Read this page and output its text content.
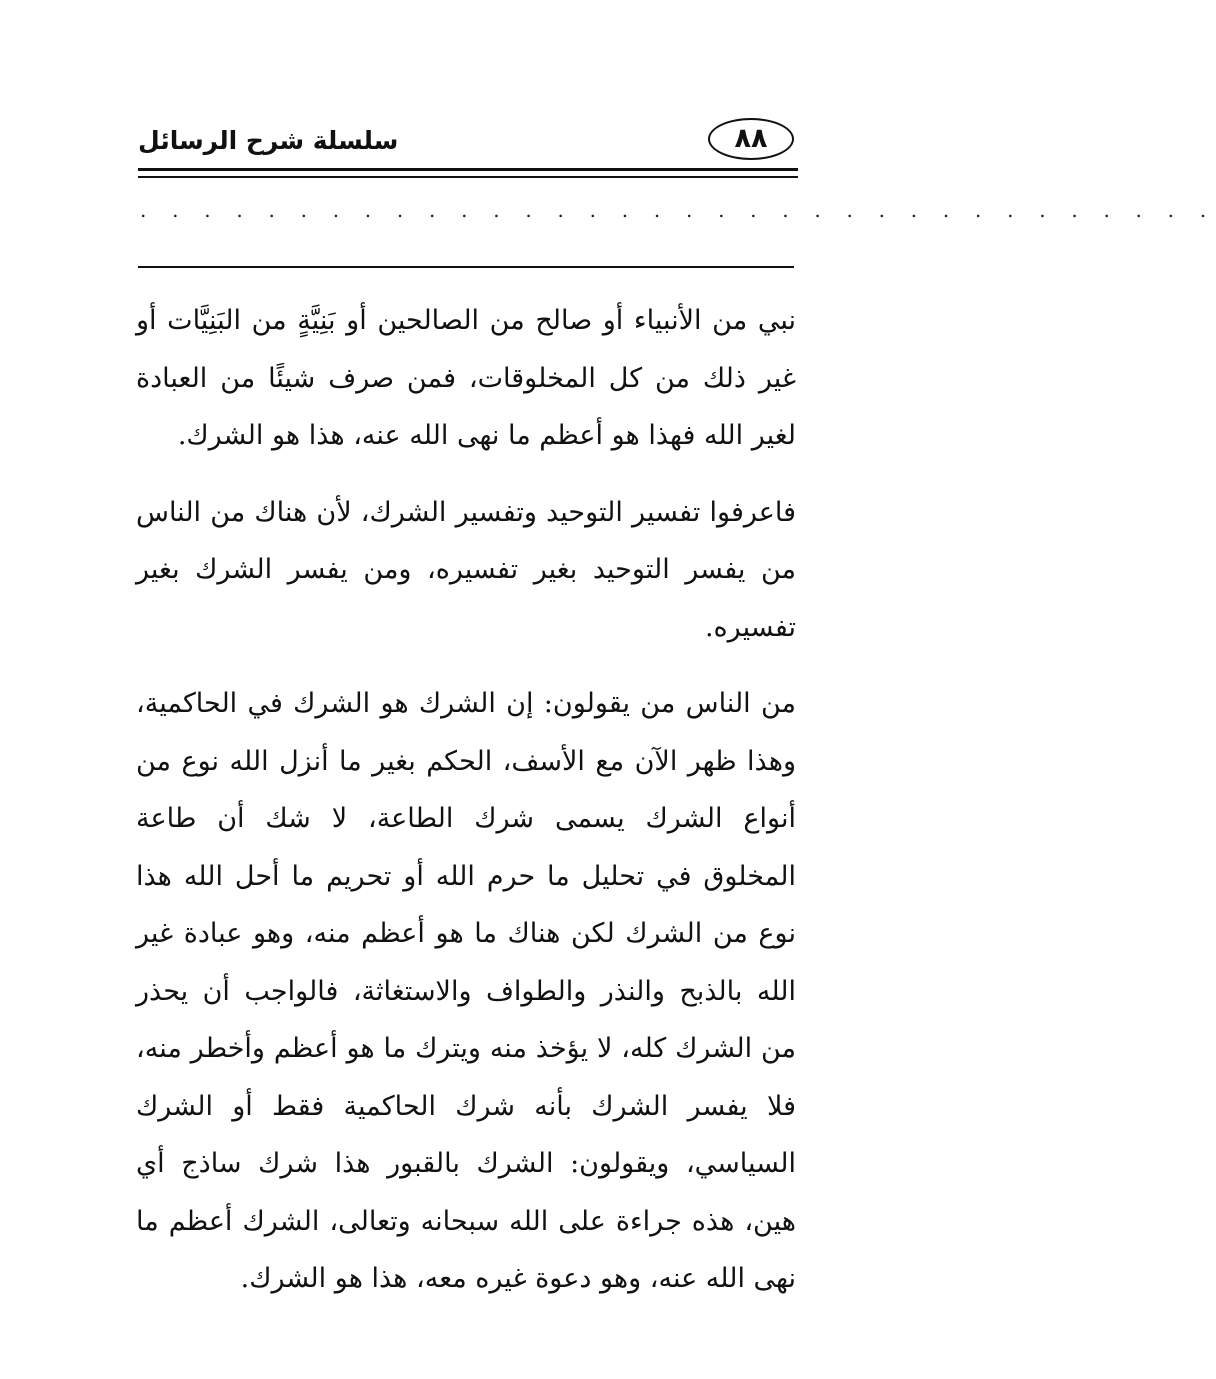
سلسلة شرح الرسائل	٨٨
. . . . . . . . . . . . . . . . . . . . . . . . . . . . . . . . . .

نبي من الأنبياء أو صالح من الصالحين أو بَنِيَّةٍ من البَنِيَّات أو غير ذلك من كل المخلوقات، فمن صرف شيئًا من العبادة لغير الله فهذا هو أعظم ما نهى الله عنه، هذا هو الشرك.

فاعرفوا تفسير التوحيد وتفسير الشرك، لأن هناك من الناس من يفسر التوحيد بغير تفسيره، ومن يفسر الشرك بغير تفسيره.

من الناس من يقولون: إن الشرك هو الشرك في الحاكمية، وهذا ظهر الآن مع الأسف، الحكم بغير ما أنزل الله نوع من أنواع الشرك يسمى شرك الطاعة، لا شك أن طاعة المخلوق في تحليل ما حرم الله أو تحريم ما أحل الله هذا نوع من الشرك لكن هناك ما هو أعظم منه، وهو عبادة غير الله بالذبح والنذر والطواف والاستغاثة، فالواجب أن يحذر من الشرك كله، لا يؤخذ منه ويترك ما هو أعظم وأخطر منه، فلا يفسر الشرك بأنه شرك الحاكمية فقط أو الشرك السياسي، ويقولون: الشرك بالقبور هذا شرك ساذج أي هين، هذه جراءة على الله سبحانه وتعالى، الشرك أعظم ما نهى الله عنه، وهو دعوة غيره معه، هذا هو الشرك.
